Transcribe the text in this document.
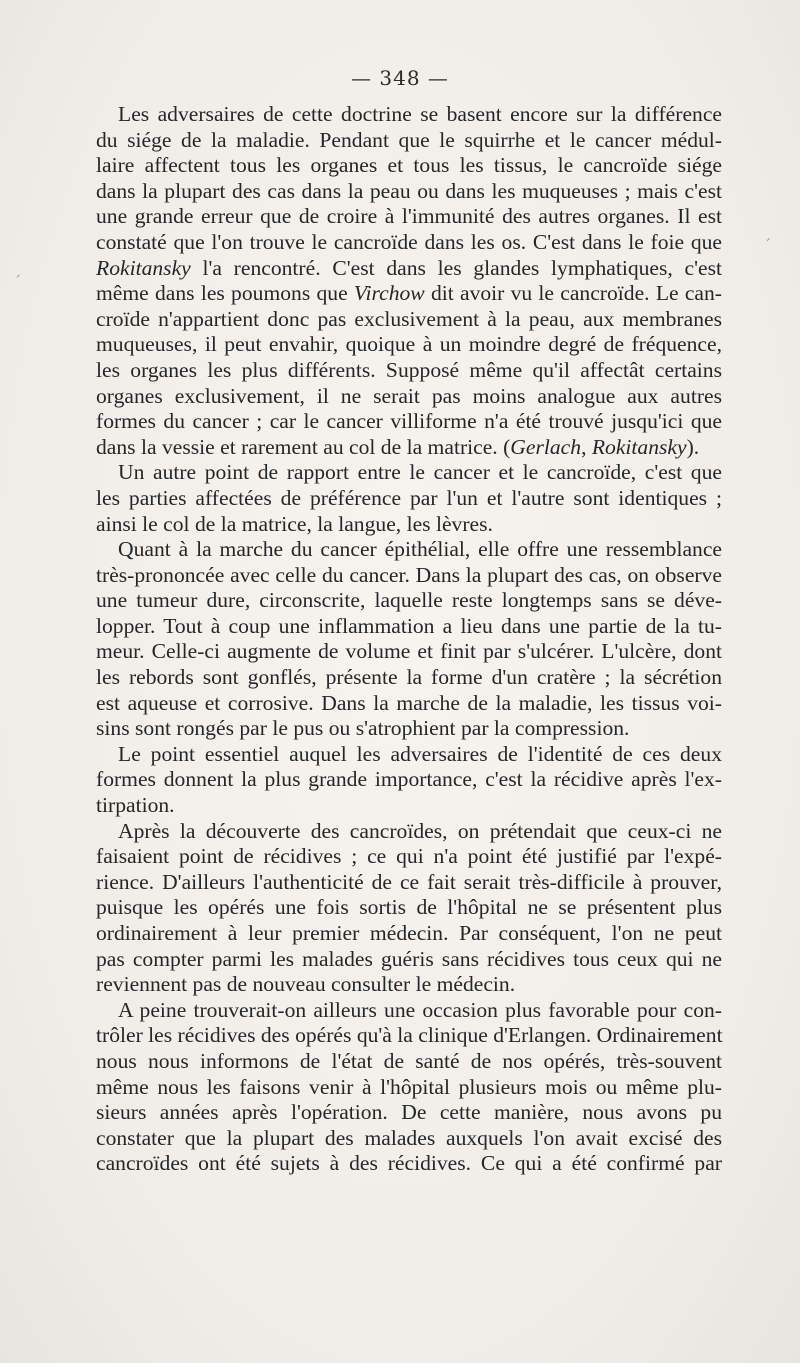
— 348 —
Les adversaires de cette doctrine se basent encore sur la différence
du siége de la maladie. Pendant que le squirrhe et le cancer médul-
laire affectent tous les organes et tous les tissus, le cancroïde siége
dans la plupart des cas dans la peau ou dans les muqueuses ; mais c'est
une grande erreur que de croire à l'immunité des autres organes. Il est
constaté que l'on trouve le cancroïde dans les os. C'est dans le foie que
Rokitansky l'a rencontré. C'est dans les glandes lymphatiques, c'est
même dans les poumons que Virchow dit avoir vu le cancroïde. Le can-
croïde n'appartient donc pas exclusivement à la peau, aux membranes
muqueuses, il peut envahir, quoique à un moindre degré de fréquence,
les organes les plus différents. Supposé même qu'il affectât certains
organes exclusivement, il ne serait pas moins analogue aux autres
formes du cancer ; car le cancer villiforme n'a été trouvé jusqu'ici que
dans la vessie et rarement au col de la matrice. (Gerlach, Rokitansky).
Un autre point de rapport entre le cancer et le cancroïde, c'est que
les parties affectées de préférence par l'un et l'autre sont identiques ;
ainsi le col de la matrice, la langue, les lèvres.
Quant à la marche du cancer épithélial, elle offre une ressemblance
très-prononcée avec celle du cancer. Dans la plupart des cas, on observe
une tumeur dure, circonscrite, laquelle reste longtemps sans se déve-
lopper. Tout à coup une inflammation a lieu dans une partie de la tu-
meur. Celle-ci augmente de volume et finit par s'ulcérer. L'ulcère, dont
les rebords sont gonflés, présente la forme d'un cratère ; la sécrétion
est aqueuse et corrosive. Dans la marche de la maladie, les tissus voi-
sins sont rongés par le pus ou s'atrophient par la compression.
Le point essentiel auquel les adversaires de l'identité de ces deux
formes donnent la plus grande importance, c'est la récidive après l'ex-
tirpation.
Après la découverte des cancroïdes, on prétendait que ceux-ci ne
faisaient point de récidives ; ce qui n'a point été justifié par l'expé-
rience. D'ailleurs l'authenticité de ce fait serait très-difficile à prouver,
puisque les opérés une fois sortis de l'hôpital ne se présentent plus
ordinairement à leur premier médecin. Par conséquent, l'on ne peut
pas compter parmi les malades guéris sans récidives tous ceux qui ne
reviennent pas de nouveau consulter le médecin.
A peine trouverait-on ailleurs une occasion plus favorable pour con-
trôler les récidives des opérés qu'à la clinique d'Erlangen. Ordinairement
nous nous informons de l'état de santé de nos opérés, très-souvent
même nous les faisons venir à l'hôpital plusieurs mois ou même plu-
sieurs années après l'opération. De cette manière, nous avons pu
constater que la plupart des malades auxquels l'on avait excisé des
cancroïdes ont été sujets à des récidives. Ce qui a été confirmé par
ˏ
ˊ
